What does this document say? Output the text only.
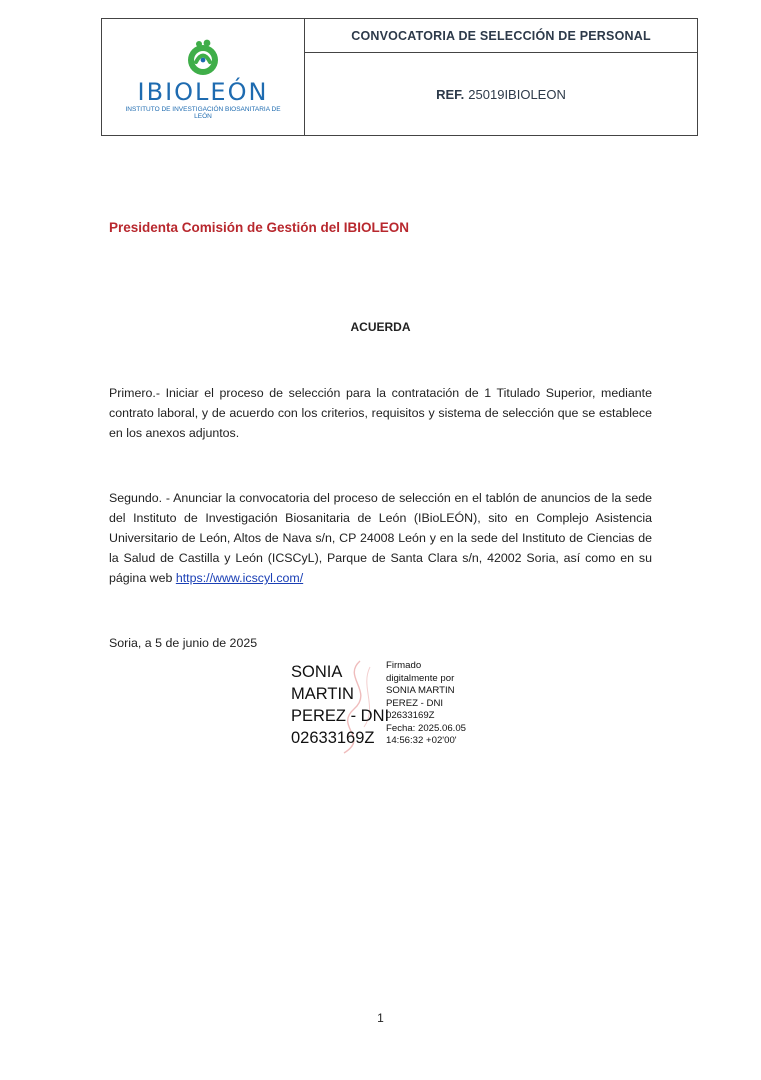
IBIOLEÓN
INSTITUTO DE INVESTIGACIÓN BIOSANITARIA DE LEÓN
CONVOCATORIA DE SELECCIÓN DE PERSONAL
REF. 25019IBIOLEON
Presidenta Comisión de Gestión del IBIOLEON
ACUERDA
Primero.- Iniciar el proceso de selección para la contratación de 1 Titulado Superior, mediante contrato laboral, y de acuerdo con los criterios, requisitos y sistema de selección que se establece en los anexos adjuntos.
Segundo. - Anunciar la convocatoria del proceso de selección en el tablón de anuncios de la sede del Instituto de Investigación Biosanitaria de León (IBioLEÓN), sito en Complejo Asistencia Universitario de León, Altos de Nava s/n, CP 24008 León y en la sede del Instituto de Ciencias de la Salud de Castilla y León (ICSCyL), Parque de Santa Clara s/n, 42002 Soria, así como en su página web https://www.icscyl.com/
Soria, a 5 de junio de 2025
SONIA
MARTIN
PEREZ - DNI
02633169Z
Firmado
digitalmente por
SONIA MARTIN
PEREZ - DNI
02633169Z
Fecha: 2025.06.05
14:56:32 +02'00'
1
